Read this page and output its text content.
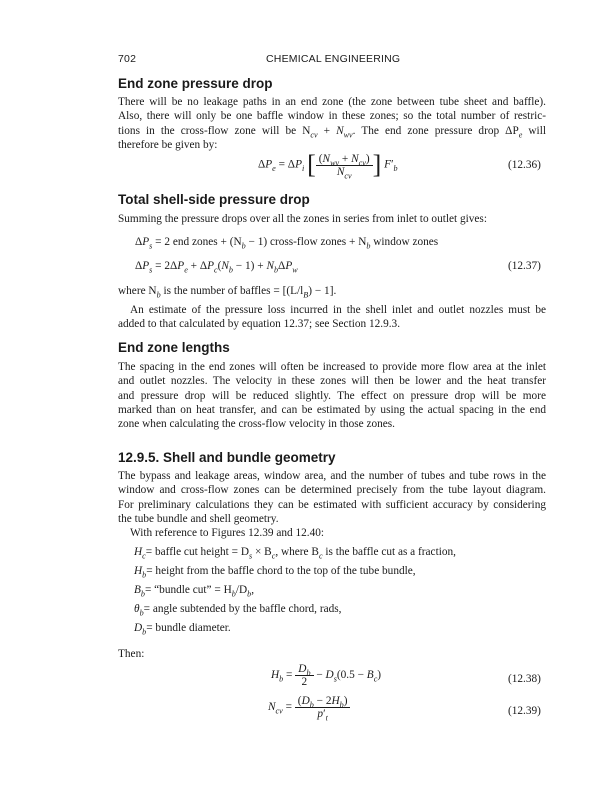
702	CHEMICAL ENGINEERING
End zone pressure drop
There will be no leakage paths in an end zone (the zone between tube sheet and baffle).
Also, there will only be one baffle window in these zones; so the total number of restric-
tions in the cross-flow zone will be $N_{cv} + N_{wv}$. The end zone pressure drop $\Delta P_e$ will
therefore be given by:
$\Delta P_e = \Delta P_i$ [ $\frac{(N_{wv} + N_{cv})}{N_{cv}}$ ] $F'_b$	(12.36)
Total shell-side pressure drop
Summing the pressure drops over all the zones in series from inlet to outlet gives:
$\Delta P_s = 2$ end zones + $(N_b - 1)$ cross-flow zones + $N_b$ window zones
$\Delta P_s = 2\Delta P_e + \Delta P_c(N_b - 1) + N_b\Delta P_w$	(12.37)
where $N_b$ is the number of baffles = $[(L/l_B) - 1]$.
An estimate of the pressure loss incurred in the shell inlet and outlet nozzles must be
added to that calculated by equation 12.37; see Section 12.9.3.
End zone lengths
The spacing in the end zones will often be increased to provide more flow area at the inlet
and outlet nozzles. The velocity in these zones will then be lower and the heat transfer
and pressure drop will be reduced slightly. The effect on pressure drop will be more
marked than on heat transfer, and can be estimated by using the actual spacing in the end
zone when calculating the cross-flow velocity in those zones.
12.9.5. Shell and bundle geometry
The bypass and leakage areas, window area, and the number of tubes and tube rows in the
window and cross-flow zones can be determined precisely from the tube layout diagram.
For preliminary calculations they can be estimated with sufficient accuracy by considering
the tube bundle and shell geometry.
With reference to Figures 12.39 and 12.40:
$H_c=$ baffle cut height = $D_s \times B_c$, where $B_c$ is the baffle cut as a fraction,
$H_b=$ height from the baffle chord to the top of the tube bundle,
$B_b=$ “bundle cut” = $H_b/D_b$,
$\theta_b=$ angle subtended by the baffle chord, rads,
$D_b=$ bundle diameter.
Then:
$H_b = \frac{D_b}{2} - D_s(0.5 - B_c)$	(12.38)
$N_{cv} = \frac{(D_b - 2H_b)}{p'_t}$	(12.39)
